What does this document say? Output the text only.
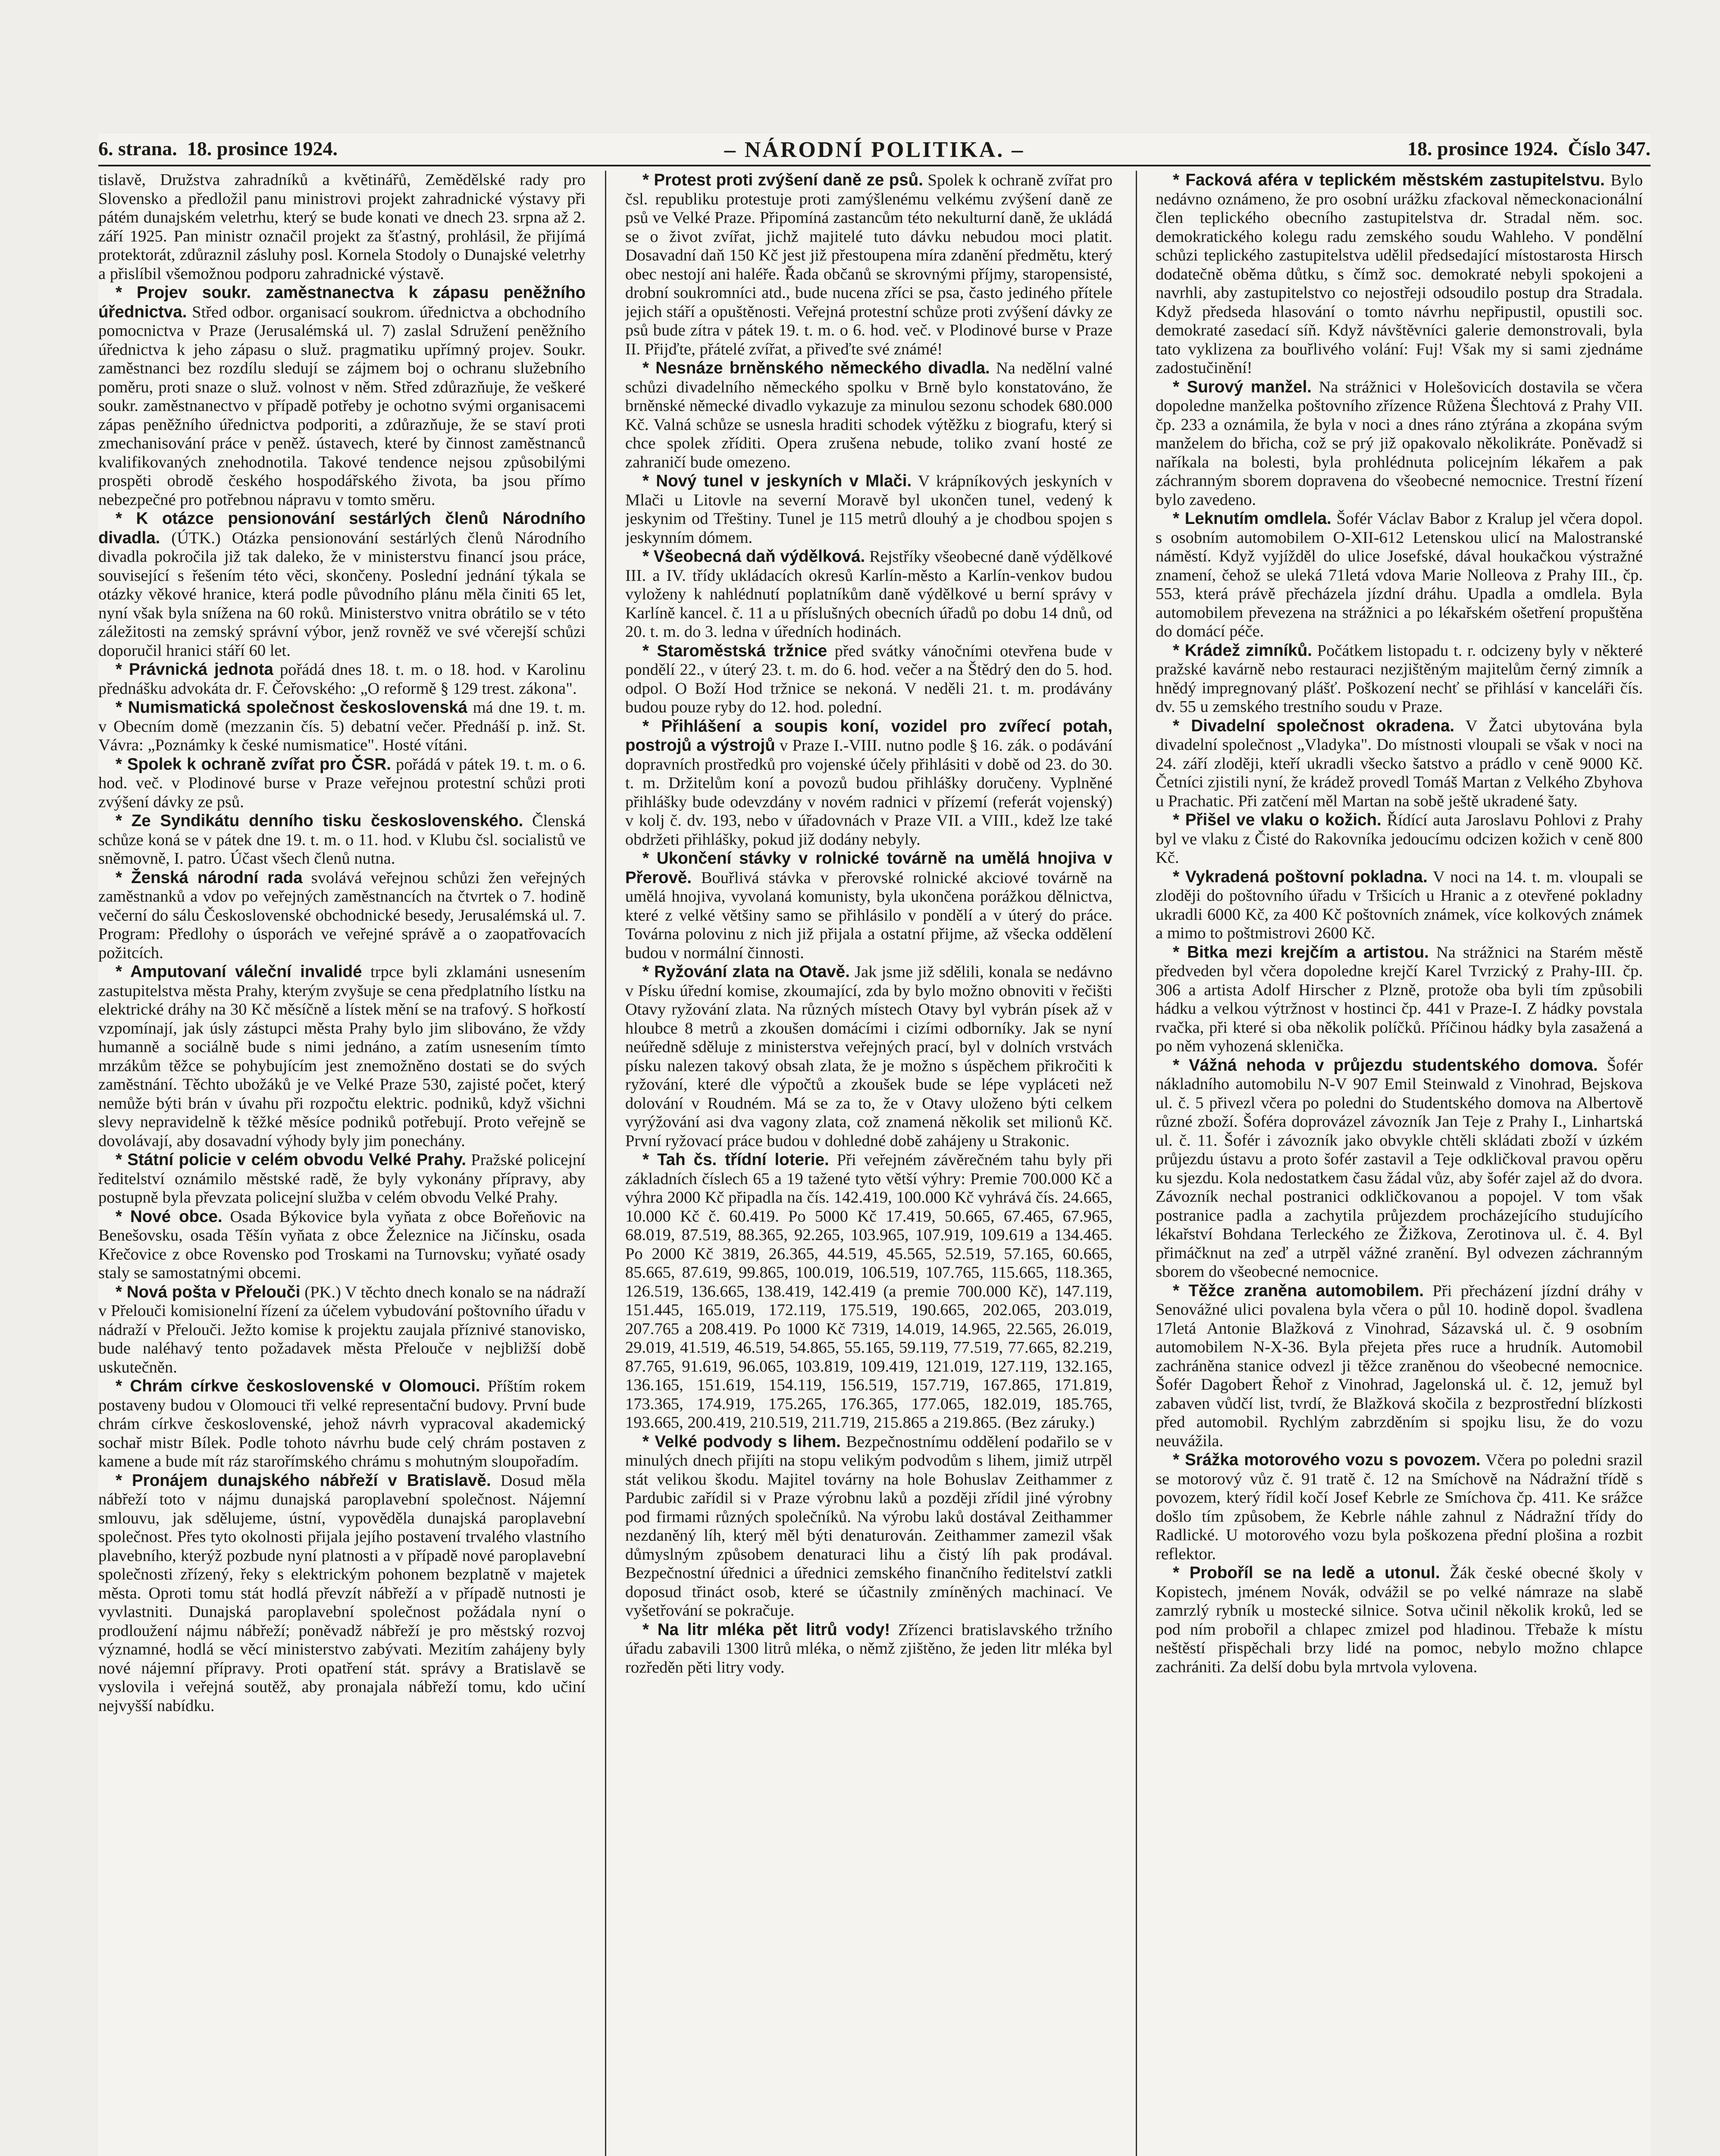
6. strana. 18. prosince 1924.	– NÁRODNÍ POLITIKA. –	18. prosince 1924. Číslo 347.

tislavě, Družstva zahradníků a květinářů, Zemědělské rady pro Slovensko a předložil panu ministrovi projekt zahradnické výstavy při pátém dunajském veletrhu, který se bude konati ve dnech 23. srpna až 2. září 1925. Pan ministr označil projekt za šťastný, prohlásil, že přijímá protektorát, zdůraznil zásluhy posl. Kornela Stodoly o Dunajské veletrhy a přislíbil všemožnou podporu zahradnické výstavě.

* Projev soukr. zaměstnanectva k zápasu peněžního úřednictva. Střed odbor. organisací soukrom. úřednictva a obchodního pomocnictva v Praze (Jerusalémská ul. 7) zaslal Sdružení peněžního úřednictva k jeho zápasu o služ. pragmatiku upřímný projev. Soukr. zaměstnanci bez rozdílu sledují se zájmem boj o ochranu služebního poměru, proti snaze o služ. volnost v něm. Střed zdůrazňuje, že veškeré soukr. zaměstnanectvo v případě potřeby je ochotno svými organisacemi zápas peněžního úřednictva podporiti, a zdůrazňuje, že se staví proti zmechanisování práce v peněž. ústavech, které by činnost zaměstnanců kvalifikovaných znehodnotila. Takové tendence nejsou způsobilými prospěti obrodě českého hospodářského života, ba jsou přímo nebezpečné pro potřebnou nápravu v tomto směru.

* K otázce pensionování sestárlých členů Národního divadla. (ÚTK.) Otázka pensionování sestárlých členů Národního divadla pokročila již tak daleko, že v ministerstvu financí jsou práce, související s řešením této věci, skončeny. Poslední jednání týkala se otázky věkové hranice, která podle původního plánu měla činiti 65 let, nyní však byla snížena na 60 roků. Ministerstvo vnitra obrátilo se v této záležitosti na zemský správní výbor, jenž rovněž ve své včerejší schůzi doporučil hranici stáří 60 let.

* Právnická jednota pořádá dnes 18. t. m. o 18. hod. v Karolinu přednášku advokáta dr. F. Čeřovského: „O reformě § 129 trest. zákona".

* Numismatická společnost československá má dne 19. t. m. v Obecním domě (mezzanin čís. 5) debatní večer. Přednáší p. inž. St. Vávra: „Poznámky k české numismatice". Hosté vítáni.

* Spolek k ochraně zvířat pro ČSR. pořádá v pátek 19. t. m. o 6. hod. več. v Plodinové burse v Praze veřejnou protestní schůzi proti zvýšení dávky ze psů.

* Ze Syndikátu denního tisku československého. Členská schůze koná se v pátek dne 19. t. m. o 11. hod. v Klubu čsl. socialistů ve sněmovně, I. patro. Účast všech členů nutna.

* Ženská národní rada svolává veřejnou schůzi žen veřejných zaměstnanků a vdov po veřejných zaměstnancích na čtvrtek o 7. hodině večerní do sálu Československé obchodnické besedy, Jerusalémská ul. 7. Program: Předlohy o úsporách ve veřejné správě a o zaopatřovacích požitcích.

* Amputovaní váleční invalidé trpce byli zklamáni usnesením zastupitelstva města Prahy, kterým zvyšuje se cena předplatního lístku na elektrické dráhy na 30 Kč měsíčně a lístek mění se na trafový. S hořkostí vzpomínají, jak úsly zástupci města Prahy bylo jim slibováno, že vždy humanně a sociálně bude s nimi jednáno, a zatím usnesením tímto mrzákům těžce se pohybujícím jest znemožněno dostati se do svých zaměstnání. Těchto ubožáků je ve Velké Praze 530, zajisté počet, který nemůže býti brán v úvahu při rozpočtu elektric. podniků, když všichni slevy nepravidelně k těžké měsíce podniků potřebují. Proto veřejně se dovolávají, aby dosavadní výhody byly jim ponechány.

* Státní policie v celém obvodu Velké Prahy. Pražské policejní ředitelství oznámilo městské radě, že byly vykonány přípravy, aby postupně byla převzata policejní služba v celém obvodu Velké Prahy.

* Nové obce. Osada Býkovice byla vyňata z obce Bořeňovic na Benešovsku, osada Těšín vyňata z obce Železnice na Jičínsku, osada Křečovice z obce Rovensko pod Troskami na Turnovsku; vyňaté osady staly se samostatnými obcemi.

* Nová pošta v Přelouči (PK.) V těchto dnech konalo se na nádraží v Přelouči komisionelní řízení za účelem vybudování poštovního úřadu v nádraží v Přelouči. Ježto komise k projektu zaujala příznivé stanovisko, bude naléhavý tento požadavek města Přelouče v nejbližší době uskutečněn.

* Chrám církve československé v Olomouci. Příštím rokem postaveny budou v Olomouci tři velké representační budovy. První bude chrám církve československé, jehož návrh vypracoval akademický sochař mistr Bílek. Podle tohoto návrhu bude celý chrám postaven z kamene a bude mít ráz starořímského chrámu s mohutným sloupořadím.

* Pronájem dunajského nábřeží v Bratislavě. Dosud měla nábřeží toto v nájmu dunajská paroplavební společnost. Nájemní smlouvu, jak sdělujeme, ústní, vypověděla dunajská paroplavební společnost. Přes tyto okolnosti přijala jejího postavení trvalého vlastního plavebního, kterýž pozbude nyní platnosti a v případě nové paroplavební společnosti zřízený, řeky s elektrickým pohonem bezplatně v majetek města. Oproti tomu stát hodlá převzít nábřeží a v případě nutnosti je vyvlastniti. Dunajská paroplavební společnost požádala nyní o prodloužení nájmu nábřeží; poněvadž nábřeží je pro městský rozvoj významné, hodlá se věcí ministerstvo zabývati. Mezitím zahájeny byly nové nájemní přípravy. Proti opatření stát. správy a Bratislavě se vyslovila i veřejná soutěž, aby pronajala nábřeží tomu, kdo učiní nejvyšší nabídku.

* Protest proti zvýšení daně ze psů. Spolek k ochraně zvířat pro čsl. republiku protestuje proti zamýšlenému velkému zvýšení daně ze psů ve Velké Praze. Připomíná zastancům této nekulturní daně, že ukládá se o život zvířat, jichž majitelé tuto dávku nebudou moci platit. Dosavadní daň 150 Kč jest již přestoupena míra zdanění předmětu, který obec nestojí ani haléře. Řada občanů se skrovnými příjmy, staropensisté, drobní soukromníci atd., bude nucena zříci se psa, často jediného přítele jejich stáří a opuštěnosti. Veřejná protestní schůze proti zvýšení dávky ze psů bude zítra v pátek 19. t. m. o 6. hod. več. v Plodinové burse v Praze II. Přijďte, přátelé zvířat, a přiveďte své známé!

* Nesnáze brněnského německého divadla. Na nedělní valné schůzi divadelního německého spolku v Brně bylo konstatováno, že brněnské německé divadlo vykazuje za minulou sezonu schodek 680.000 Kč. Valná schůze se usnesla hraditi schodek výtěžku z biografu, který si chce spolek zříditi. Opera zrušena nebude, toliko zvaní hosté ze zahraničí bude omezeno.

* Nový tunel v jeskyních v Mlači. V krápníkových jeskyních v Mlači u Litovle na severní Moravě byl ukončen tunel, vedený k jeskynim od Třeštiny. Tunel je 115 metrů dlouhý a je chodbou spojen s jeskynním dómem.

* Všeobecná daň výdělková. Rejstříky všeobecné daně výdělkové III. a IV. třídy ukládacích okresů Karlín-město a Karlín-venkov budou vyloženy k nahlédnutí poplatníkům daně výdělkové u berní správy v Karlíně kancel. č. 11 a u příslušných obecních úřadů po dobu 14 dnů, od 20. t. m. do 3. ledna v úředních hodinách.

* Staroměstská tržnice před svátky vánočními otevřena bude v pondělí 22., v úterý 23. t. m. do 6. hod. večer a na Štědrý den do 5. hod. odpol. O Boží Hod tržnice se nekoná. V neděli 21. t. m. prodávány budou pouze ryby do 12. hod. polední.

* Přihlášení a soupis koní, vozidel pro zvířecí potah, postrojů a výstrojů v Praze I.-VIII. nutno podle § 16. zák. o podávání dopravních prostředků pro vojenské účely přihlásiti v době od 23. do 30. t. m. Držitelům koní a povozů budou přihlášky doručeny. Vyplněné přihlášky bude odevzdány v novém radnici v přízemí (referát vojenský) v kolj č. dv. 193, nebo v úřadovnách v Praze VII. a VIII., kdež lze také obdržeti přihlášky, pokud již dodány nebyly.

* Ukončení stávky v rolnické továrně na umělá hnojiva v Přerově. Bouřlivá stávka v přerovské rolnické akciové továrně na umělá hnojiva, vyvolaná komunisty, byla ukončena porážkou dělnictva, které z velké většiny samo se přihlásilo v pondělí a v úterý do práce. Továrna polovinu z nich již přijala a ostatní přijme, až všecka oddělení budou v normální činnosti.

* Ryžování zlata na Otavě. Jak jsme již sdělili, konala se nedávno v Písku úřední komise, zkoumající, zda by bylo možno obnoviti v řečišti Otavy ryžování zlata. Na různých místech Otavy byl vybrán písek až v hloubce 8 metrů a zkoušen domácími i cizími odborníky. Jak se nyní neúředně sděluje z ministerstva veřejných prací, byl v dolních vrstvách písku nalezen takový obsah zlata, že je možno s úspěchem přikročiti k ryžování, které dle výpočtů a zkoušek bude se lépe vypláceti než dolování v Roudném. Má se za to, že v Otavy uloženo býti celkem vyrýžování asi dva vagony zlata, což znamená několik set milionů Kč. První ryžovací práce budou v dohledné době zahájeny u Strakonic.

* Tah čs. třídní loterie. Při veřejném závěrečném tahu byly při základních číslech 65 a 19 tažené tyto větší výhry: Premie 700.000 Kč a výhra 2000 Kč připadla na čís. 142.419, 100.000 Kč vyhrává čís. 24.665, 10.000 Kč č. 60.419. Po 5000 Kč 17.419, 50.665, 67.465, 67.965, 68.019, 87.519, 88.365, 92.265, 103.965, 107.919, 109.619 a 134.465. Po 2000 Kč 3819, 26.365, 44.519, 45.565, 52.519, 57.165, 60.665, 85.665, 87.619, 99.865, 100.019, 106.519, 107.765, 115.665, 118.365, 126.519, 136.665, 138.419, 142.419 (a premie 700.000 Kč), 147.119, 151.445, 165.019, 172.119, 175.519, 190.665, 202.065, 203.019, 207.765 a 208.419. Po 1000 Kč 7319, 14.019, 14.965, 22.565, 26.019, 29.019, 41.519, 46.519, 54.865, 55.165, 59.119, 77.519, 77.665, 82.219, 87.765, 91.619, 96.065, 103.819, 109.419, 121.019, 127.119, 132.165, 136.165, 151.619, 154.119, 156.519, 157.719, 167.865, 171.819, 173.365, 174.919, 175.265, 176.365, 177.065, 182.019, 185.765, 193.665, 200.419, 210.519, 211.719, 215.865 a 219.865. (Bez záruky.)

* Velké podvody s lihem. Bezpečnostnímu oddělení podařilo se v minulých dnech přijíti na stopu velikým podvodům s lihem, jimiž utrpěl stát velikou škodu. Majitel továrny na hole Bohuslav Zeithammer z Pardubic zařídil si v Praze výrobnu laků a později zřídil jiné výrobny pod firmami různých společníků. Na výrobu laků dostával Zeithammer nezdaněný líh, který měl býti denaturován. Zeithammer zamezil však důmyslným způsobem denaturaci lihu a čistý líh pak prodával. Bezpečnostní úřednici a úřednici zemského finančního ředitelství zatkli doposud třináct osob, které se účastnily zmíněných machinací. Ve vyšetřování se pokračuje.

* Na litr mléka pět litrů vody! Zřízenci bratislavského tržního úřadu zabavili 1300 litrů mléka, o němž zjištěno, že jeden litr mléka byl rozředěn pěti litry vody.

* Facková aféra v teplickém městském zastupitelstvu. Bylo nedávno oznámeno, že pro osobní urážku zfackoval německonacionální člen teplického obecního zastupitelstva dr. Stradal něm. soc. demokratického kolegu radu zemského soudu Wahleho. V pondělní schůzi teplického zastupitelstva udělil předsedající místostarosta Hirsch dodatečně oběma důtku, s čímž soc. demokraté nebyli spokojeni a navrhli, aby zastupitelstvo co nejostřeji odsoudilo postup dra Stradala. Když předseda hlasování o tomto návrhu nepřipustil, opustili soc. demokraté zasedací síň. Když návštěvníci galerie demonstrovali, byla tato vyklizena za bouřlivého volání: Fuj! Však my si sami zjednáme zadostučinění!

* Surový manžel. Na strážnici v Holešovicích dostavila se včera dopoledne manželka poštovního zřízence Růžena Šlechtová z Prahy VII. čp. 233 a oznámila, že byla v noci a dnes ráno ztýrána a zkopána svým manželem do břicha, což se prý již opakovalo několikráte. Poněvadž si naříkala na bolesti, byla prohlédnuta policejním lékařem a pak záchranným sborem dopravena do všeobecné nemocnice. Trestní řízení bylo zavedeno.

* Leknutím omdlela. Šofér Václav Babor z Kralup jel včera dopol. s osobním automobilem O-XII-612 Letenskou ulicí na Malostranské náměstí. Když vyjížděl do ulice Josefské, dával houkačkou výstražné znamení, čehož se uleká 71letá vdova Marie Nolleova z Prahy III., čp. 553, která právě přecházela jízdní dráhu. Upadla a omdlela. Byla automobilem převezena na strážnici a po lékařském ošetření propuštěna do domácí péče.

* Krádež zimníků. Počátkem listopadu t. r. odcizeny byly v některé pražské kavárně nebo restauraci nezjištěným majitelům černý zimník a hnědý impregnovaný plášť. Poškození nechť se přihlásí v kanceláři čís. dv. 55 u zemského trestního soudu v Praze.

* Divadelní společnost okradena. V Žatci ubytována byla divadelní společnost „Vladyka". Do místnosti vloupali se však v noci na 24. září zloději, kteří ukradli všecko šatstvo a prádlo v ceně 9000 Kč. Četníci zjistili nyní, že krádež provedl Tomáš Martan z Velkého Zbyhova u Prachatic. Při zatčení měl Martan na sobě ještě ukradené šaty.

* Přišel ve vlaku o kožich. Řídící auta Jaroslavu Pohlovi z Prahy byl ve vlaku z Čisté do Rakovníka jedoucímu odcizen kožich v ceně 800 Kč.

* Vykradená poštovní pokladna. V noci na 14. t. m. vloupali se zloději do poštovního úřadu v Tršicích u Hranic a z otevřené pokladny ukradli 6000 Kč, za 400 Kč poštovních známek, více kolkových známek a mimo to poštmistrovi 2600 Kč.

* Bitka mezi krejčím a artistou. Na strážnici na Starém městě předveden byl včera dopoledne krejčí Karel Tvrzický z Prahy-III. čp. 306 a artista Adolf Hirscher z Plzně, protože oba byli tím způsobili hádku a velkou výtržnost v hostinci čp. 441 v Praze-I. Z hádky povstala rvačka, při které si oba několik políčků. Příčinou hádky byla zasažená a po něm vyhozená sklenička.

* Vážná nehoda v průjezdu studentského domova. Šofér nákladního automobilu N-V 907 Emil Steinwald z Vinohrad, Bejskova ul. č. 5 přivezl včera po poledni do Studentského domova na Albertově různé zboží. Šoféra doprovázel závozník Jan Teje z Prahy I., Linhartská ul. č. 11. Šofér i závozník jako obvykle chtěli skládati zboží v úzkém průjezdu ústavu a proto šofér zastavil a Teje odkličkoval pravou opěru ku sjezdu. Kola nedostatkem času žádal vůz, aby šofér zajel až do dvora. Závozník nechal postranici odkličkovanou a popojel. V tom však postranice padla a zachytila průjezdem procházejícího studujícího lékařství Bohdana Terleckého ze Žižkova, Zerotinova ul. č. 4. Byl přimáčknut na zeď a utrpěl vážné zranění. Byl odvezen záchranným sborem do všeobecné nemocnice.

* Těžce zraněna automobilem. Při přecházení jízdní dráhy v Senovážné ulici povalena byla včera o půl 10. hodině dopol. švadlena 17letá Antonie Blažková z Vinohrad, Sázavská ul. č. 9 osobním automobilem N-X-36. Byla přejeta přes ruce a hrudník. Automobil zachráněna stanice odvezl ji těžce zraněnou do všeobecné nemocnice. Šofér Dagobert Řehoř z Vinohrad, Jagelonská ul. č. 12, jemuž byl zabaven vůdčí list, tvrdí, že Blažková skočila z bezprostřední blízkosti před automobil. Rychlým zabrzděním si spojku lisu, že do vozu neuvážila.

* Srážka motorového vozu s povozem. Včera po poledni srazil se motorový vůz č. 91 tratě č. 12 na Smíchově na Nádražní třídě s povozem, který řídil kočí Josef Kebrle ze Smíchova čp. 411. Ke srážce došlo tím způsobem, že Kebrle náhle zahnul z Nádražní třídy do Radlické. U motorového vozu byla poškozena přední plošina a rozbit reflektor.

* Proboříl se na ledě a utonul. Žák české obecné školy v Kopistech, jménem Novák, odvážil se po velké námraze na slabě zamrzlý rybník u mostecké silnice. Sotva učinil několik kroků, led se pod ním probořil a chlapec zmizel pod hladinou. Třebaže k místu neštěstí přispěchali brzy lidé na pomoc, nebylo možno chlapce zachrániti. Za delší dobu byla mrtvola vylovena.
